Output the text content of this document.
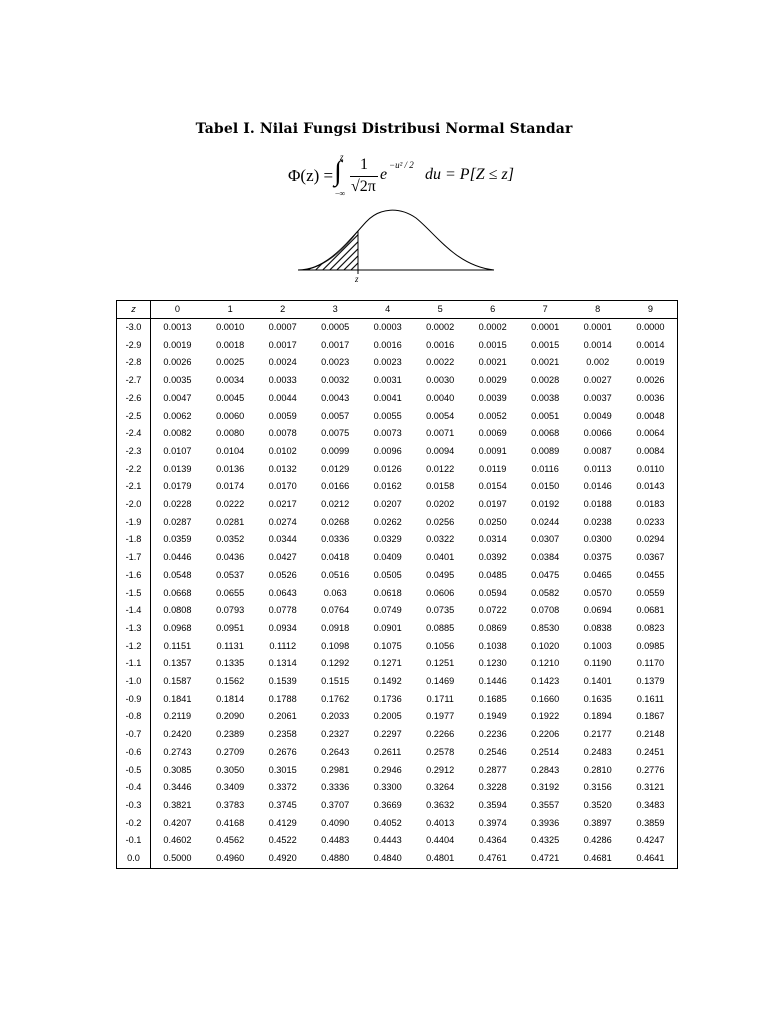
Tabel I. Nilai Fungsi Distribusi Normal Standar
Φ(z) = ∫
z
−∞
1
√2π
e
−u² / 2
du = P[Z ≤ z]
z
z	0	1	2	3	4	5	6	7	8	9
-3.0	0.0013	0.0010	0.0007	0.0005	0.0003	0.0002	0.0002	0.0001	0.0001	0.0000
-2.9	0.0019	0.0018	0.0017	0.0017	0.0016	0.0016	0.0015	0.0015	0.0014	0.0014
-2.8	0.0026	0.0025	0.0024	0.0023	0.0023	0.0022	0.0021	0.0021	0.002	0.0019
-2.7	0.0035	0.0034	0.0033	0.0032	0.0031	0.0030	0.0029	0.0028	0.0027	0.0026
-2.6	0.0047	0.0045	0.0044	0.0043	0.0041	0.0040	0.0039	0.0038	0.0037	0.0036
-2.5	0.0062	0.0060	0.0059	0.0057	0.0055	0.0054	0.0052	0.0051	0.0049	0.0048
-2.4	0.0082	0.0080	0.0078	0.0075	0.0073	0.0071	0.0069	0.0068	0.0066	0.0064
-2.3	0.0107	0.0104	0.0102	0.0099	0.0096	0.0094	0.0091	0.0089	0.0087	0.0084
-2.2	0.0139	0.0136	0.0132	0.0129	0.0126	0.0122	0.0119	0.0116	0.0113	0.0110
-2.1	0.0179	0.0174	0.0170	0.0166	0.0162	0.0158	0.0154	0.0150	0.0146	0.0143
-2.0	0.0228	0.0222	0.0217	0.0212	0.0207	0.0202	0.0197	0.0192	0.0188	0.0183
-1.9	0.0287	0.0281	0.0274	0.0268	0.0262	0.0256	0.0250	0.0244	0.0238	0.0233
-1.8	0.0359	0.0352	0.0344	0.0336	0.0329	0.0322	0.0314	0.0307	0.0300	0.0294
-1.7	0.0446	0.0436	0.0427	0.0418	0.0409	0.0401	0.0392	0.0384	0.0375	0.0367
-1.6	0.0548	0.0537	0.0526	0.0516	0.0505	0.0495	0.0485	0.0475	0.0465	0.0455
-1.5	0.0668	0.0655	0.0643	0.063	0.0618	0.0606	0.0594	0.0582	0.0570	0.0559
-1.4	0.0808	0.0793	0.0778	0.0764	0.0749	0.0735	0.0722	0.0708	0.0694	0.0681
-1.3	0.0968	0.0951	0.0934	0.0918	0.0901	0.0885	0.0869	0.8530	0.0838	0.0823
-1.2	0.1151	0.1131	0.1112	0.1098	0.1075	0.1056	0.1038	0.1020	0.1003	0.0985
-1.1	0.1357	0.1335	0.1314	0.1292	0.1271	0.1251	0.1230	0.1210	0.1190	0.1170
-1.0	0.1587	0.1562	0.1539	0.1515	0.1492	0.1469	0.1446	0.1423	0.1401	0.1379
-0.9	0.1841	0.1814	0.1788	0.1762	0.1736	0.1711	0.1685	0.1660	0.1635	0.1611
-0.8	0.2119	0.2090	0.2061	0.2033	0.2005	0.1977	0.1949	0.1922	0.1894	0.1867
-0.7	0.2420	0.2389	0.2358	0.2327	0.2297	0.2266	0.2236	0.2206	0.2177	0.2148
-0.6	0.2743	0.2709	0.2676	0.2643	0.2611	0.2578	0.2546	0.2514	0.2483	0.2451
-0.5	0.3085	0.3050	0.3015	0.2981	0.2946	0.2912	0.2877	0.2843	0.2810	0.2776
-0.4	0.3446	0.3409	0.3372	0.3336	0.3300	0.3264	0.3228	0.3192	0.3156	0.3121
-0.3	0.3821	0.3783	0.3745	0.3707	0.3669	0.3632	0.3594	0.3557	0.3520	0.3483
-0.2	0.4207	0.4168	0.4129	0.4090	0.4052	0.4013	0.3974	0.3936	0.3897	0.3859
-0.1	0.4602	0.4562	0.4522	0.4483	0.4443	0.4404	0.4364	0.4325	0.4286	0.4247
0.0	0.5000	0.4960	0.4920	0.4880	0.4840	0.4801	0.4761	0.4721	0.4681	0.4641
